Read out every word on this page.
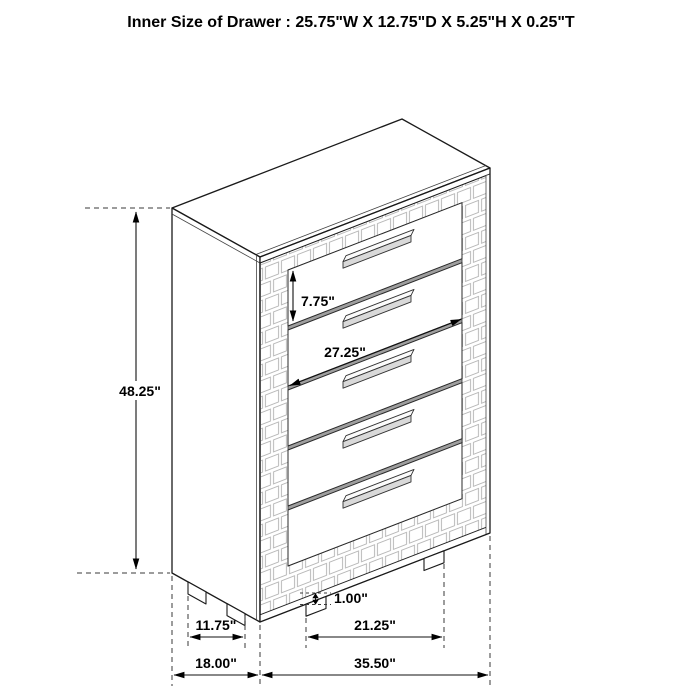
Inner Size of Drawer : 25.75"W X 12.75"D X 5.25"H X 0.25"T
48.25"
7.75"
27.25"
1.00"
11.75"	21.25"
18.00"	35.50"
